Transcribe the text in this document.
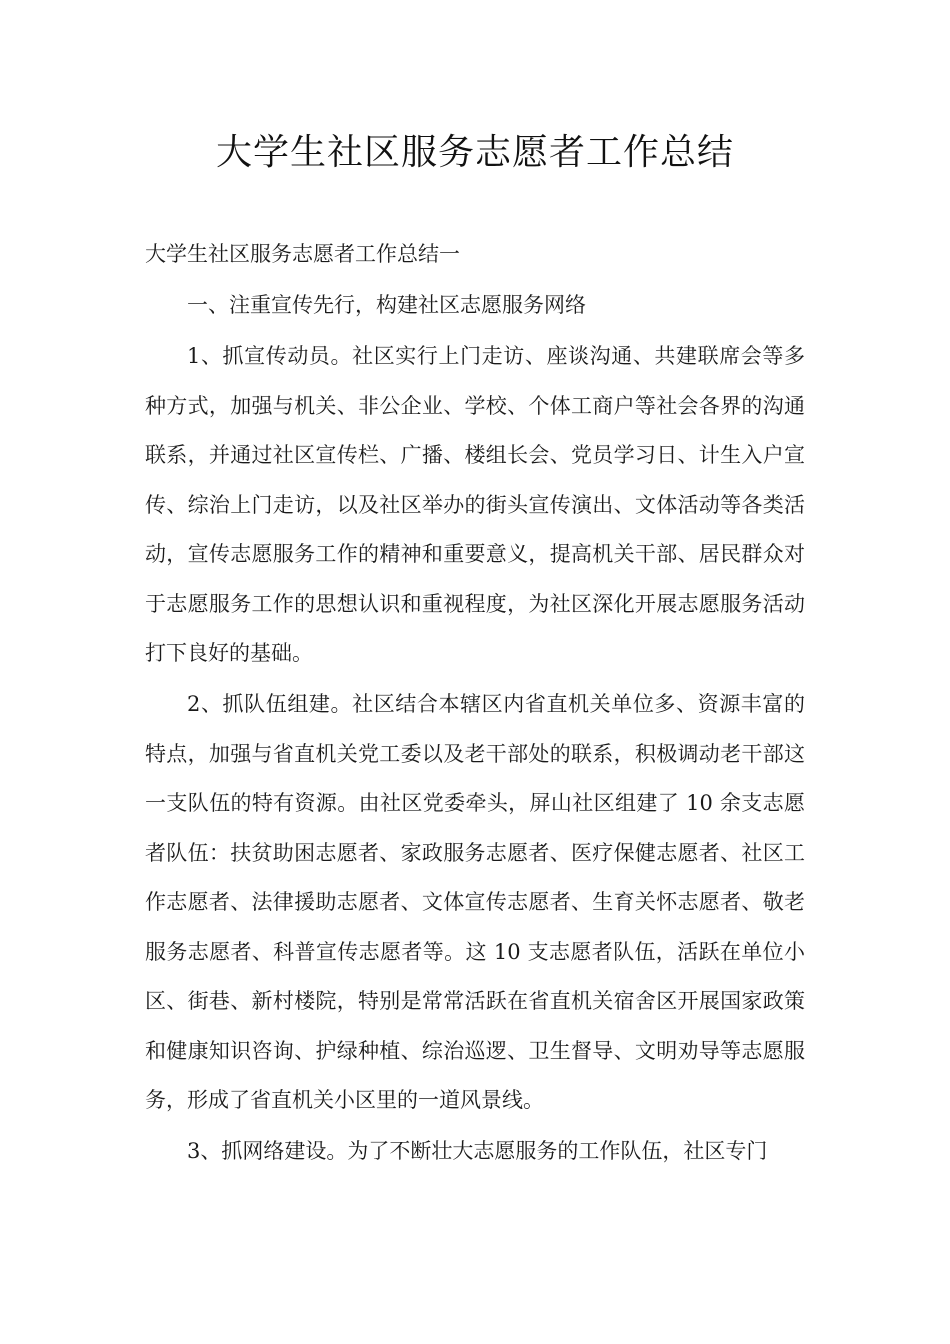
大学生社区服务志愿者工作总结

大学生社区服务志愿者工作总结一

一、注重宣传先行，构建社区志愿服务网络

1、抓宣传动员。社区实行上门走访、座谈沟通、共建联席会等多种方式，加强与机关、非公企业、学校、个体工商户等社会各界的沟通联系，并通过社区宣传栏、广播、楼组长会、党员学习日、计生入户宣传、综治上门走访，以及社区举办的街头宣传演出、文体活动等各类活动，宣传志愿服务工作的精神和重要意义，提高机关干部、居民群众对于志愿服务工作的思想认识和重视程度，为社区深化开展志愿服务活动打下良好的基础。

2、抓队伍组建。社区结合本辖区内省直机关单位多、资源丰富的特点，加强与省直机关党工委以及老干部处的联系，积极调动老干部这一支队伍的特有资源。由社区党委牵头，屏山社区组建了 10 余支志愿者队伍：扶贫助困志愿者、家政服务志愿者、医疗保健志愿者、社区工作志愿者、法律援助志愿者、文体宣传志愿者、生育关怀志愿者、敬老服务志愿者、科普宣传志愿者等。这 10 支志愿者队伍，活跃在单位小区、街巷、新村楼院，特别是常常活跃在省直机关宿舍区开展国家政策和健康知识咨询、护绿种植、综治巡逻、卫生督导、文明劝导等志愿服务，形成了省直机关小区里的一道风景线。

3、抓网络建设。为了不断壮大志愿服务的工作队伍，社区专门
